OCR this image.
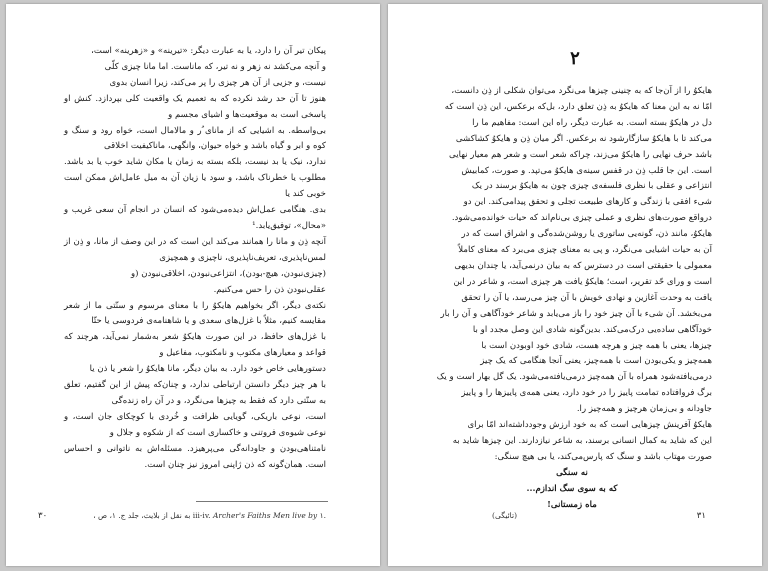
پیکان تیر آن را دارد، یا به عبارت دیگر: «تیرینه» و «زهرینه» است،

و آنچه می‌کشد نه زهر و نه تیر، که ماناست. اما مانا چیزی کلّی

نیست، و جزیی از آن هر چیزی را پر می‌کند، زیرا انسان بدوی

هنوز تا آن حد رشد نکرده که به تعمیم یک واقعیت کلی بپردازد. کنش او پاسخی است به موقعیت‌ها و اشیای مجسم و

بی‌واسطه. به اشیایی که از مانای ُر و مالامال است، خواه رود و سنگ و کوه و ابر و گیاه باشد و خواه حیوان، وانگهی، ماناکیفیت اخلاقی

ندارد، نیک یا بد نیست، بلکه بسته به زمان یا مکان شاید خوب یا بد باشد. مطلوب یا خطرناک باشد، و سود یا زیان آن به میل عامل‌اش ممکن است خوبی کند یا

بدی. هنگامی عمل‌اش دیده‌می‌شود که انسان در انجام آن سعی غریب و «محال»، توفیق‌یابد.¹

آنچه ذِن و مانا را همانند می‌کند این است که در این وصف از مانا، و ذِن از لمس‌ناپذیری، تعریف‌ناپذیری، ناچیزی و همچیزی

(چیزی‌نبودن، هیچ-بودن)، انتزاعی‌نبودن، اخلاقی‌نبودن (و

عقلی‌نبودن ذن را حس می‌کنیم.

نکته‌ی دیگر، اگر بخواهیم هایکوُ را با معنای مرسوم و سنّتی ما از شعر مقایسه کنیم، مثلاً با غزل‌های سعدی و یا شاهنامه‌ی فردوسی یا حتّا

با غزل‌های حافظ، در این صورت هایکوُ شعر به‌شمار نمی‌آید، هرچند که قواعد و معیارهای مکتوب و نامکتوب، مفاعیل و

دستورهایی خاص خود دارد. به بیان دیگر، مانا هایکوُ را شعر یا ذن یا

با هر چیز دیگر دانستن ارتباطی ندارد، و چنان‌که پیش از این گفتیم، تعلق به سنّتی دارد که فقط به چیزها می‌نگرد، و در آن راه زنده‌گی

است، نوعی باریکی، گویایی ظرافت و خُردی با کوچکای جان است، و نوعی شیوه‌ی فروتنی و خاکساری است که از شکوه و جلال و

نامتناهی‌بودن و جاودانه‌گی می‌پرهیزد. مسئله‌اش به ناتوانی و احساس است. همان‌گونه که ذن ژاپنی امروز نیز چنان است.

، به نقل از بلایث، جلد ج. ۱، ص iii-iv. Archer's Faiths Men live by ۱.
۳۰
۲

هایکوُ را از آن‌جا که به چنینی چیزها می‌نگرد می‌توان شکلی از ذِن دانست،

امّا نه به این معنا که هایکوُ به ذِن تعلق دارد، بل‌که برعکس، این ذِن است که

دل در هایکوُ بسته است. به عبارت دیگر، راه این است: مفاهیم ما را

می‌کند تا با هایکوُ سازگارشود نه برعکس. اگر میان ذِن و هایکوُ کشاکشی

باشد حرف نهایی را هایکوُ می‌زند، چراکه شعر است و شعر هم معیار نهایی

است. این جا قلب ذِن در قفس سینه‌ی هایکوُ می‌تپد. و صورت، کمابیش

انتزاعی و عقلی با نظری فلسفه‌ی چیزی چون به هایکوُ برسند در یک

شیء افقی با زندگی و کارهای طبیعت تجلی و تحقق پیدامی‌کند. این دو

درواقع صورت‌های نظری و عملی چیزی بی‌نام‌اند که حیات خوانده‌می‌شود.

هایکوُ، مانند ذن، گونه‌یی ساتوری یا روشن‌شده‌گی و اشراق است که در

آن به حیات اشیایی می‌نگرد، و پی به معنای چیزی می‌برد که معنای کاملاً

معمولی یا حقیقتی است در دسترس که به بیان درنمی‌آید، یا چندان بدیهی

است و ورای حّد تقریر، است؛ هایکوُ یافت هر چیزی است، و شاعر در این

یافت به وحدت آغازین و نهادی خویش با آن چیز می‌رسد، یا آن را تحقق

می‌بخشد. آن شیء با آن چیز خود را باز می‌یابد و شاعر خودآگاهی و آن را بار

خودآگاهی ساده‌یی درک‌می‌کند. بدین‌گونه شادی این وصل مجدد او با

چیزها، یعنی با همه چیز و هرچه هست، شادی خود اوبودن است با

همه‌چیز و یکی‌بودن است با همه‌چیز، یعنی آنجا هنگامی که یک چیز

درمی‌یافته‌شود همراه با آن همه‌چیز درمی‌یافته‌می‌شود. یک گل بهار است و یک

برگ فروافتاده تمامت پاییز را در خود دارد، یعنی همه‌ی پاییزها را و پاییز

جاودانه و بی‌زمان هرچیز و همه‌چیز را.

هایکوُ آفرینش چیزهایی است که به خود ارزش وجودداشته‌اند امّا برای

این که شاید به کمال انسانی برسند، به شاعر نیازدارند. این چیزها شاید به

صورت مهتاب باشد و سنگ که پارس‌می‌کند، یا بی هیچ سنگی:

نه سنگی

که به سوی سگ اندازم...

ماه زمستانی!

(تائیگی)	۳۱
